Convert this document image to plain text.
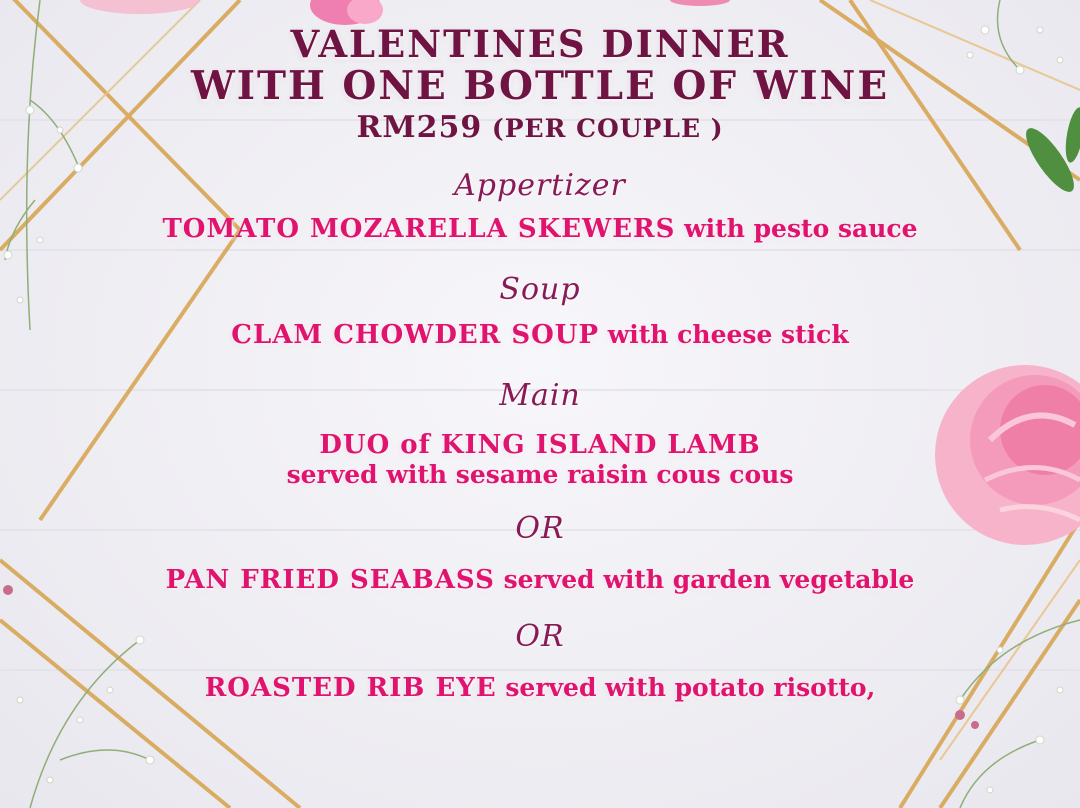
VALENTINES DINNER
WITH ONE BOTTLE OF WINE
RM259 (PER COUPLE )
Appertizer
TOMATO MOZARELLA SKEWERS with pesto sauce
Soup
CLAM CHOWDER SOUP with cheese stick
Main
DUO of KING ISLAND LAMB
served with sesame raisin cous cous
OR
PAN FRIED SEABASS served with garden vegetable
OR
ROASTED RIB EYE served with potato risotto,
